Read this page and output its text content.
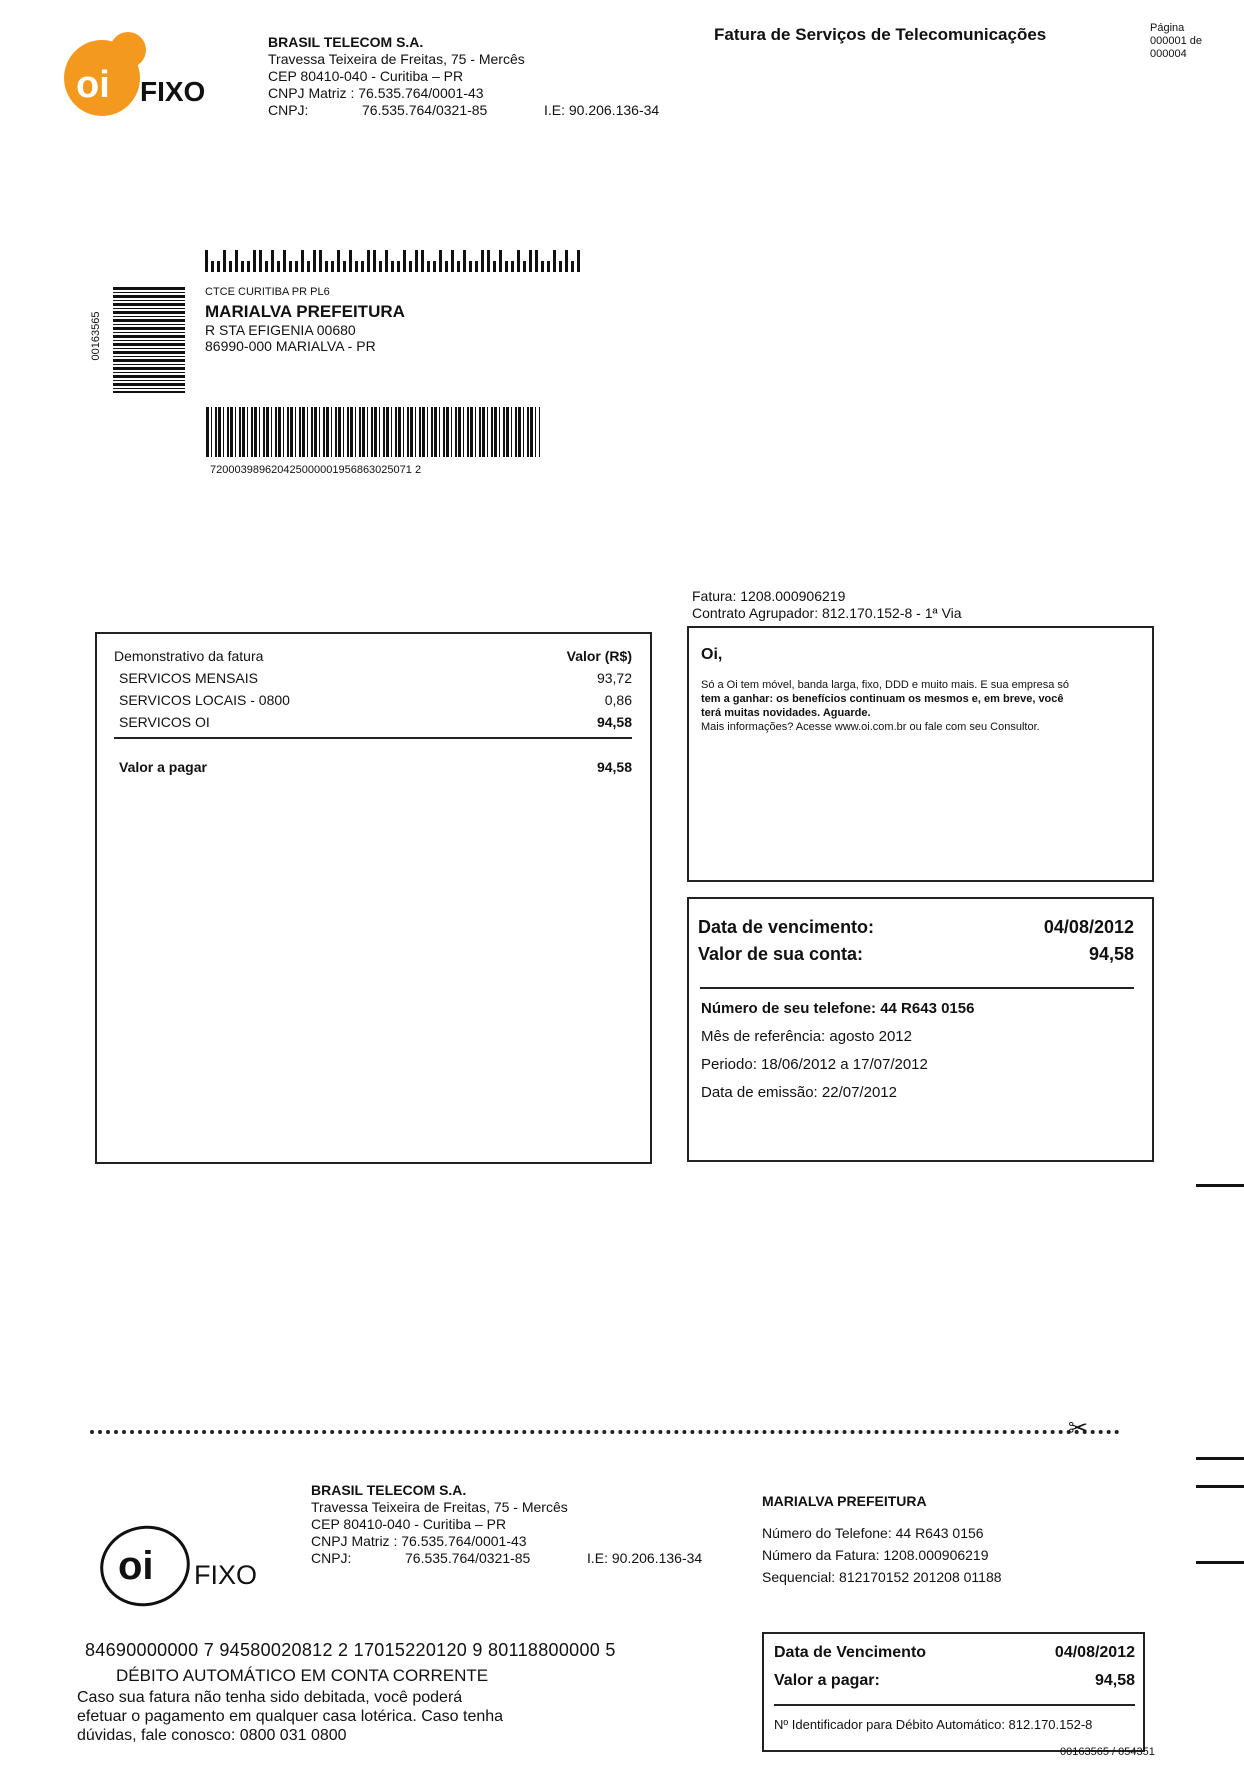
oi FIXO
BRASIL TELECOM S.A.
Travessa Teixeira de Freitas, 75 - Mercês
CEP 80410-040 - Curitiba – PR
CNPJ Matriz : 76.535.764/0001-43
CNPJ:	76.535.764/0321-85	I.E: 90.206.136-34
Fatura de Serviços de Telecomunicações	Página
000001 de
000004
00163565
CTCE CURITIBA PR PL6
MARIALVA PREFEITURA
R STA EFIGENIA 00680
86990-000 MARIALVA - PR
720003989620425000001956863025071 2
Fatura: 1208.000906219
Contrato Agrupador: 812.170.152-8 - 1ª Via
Demonstrativo da fatura	Valor (R$)
SERVICOS MENSAIS	93,72
SERVICOS LOCAIS - 0800	0,86
SERVICOS OI	94,58
Valor a pagar	94,58
Oi,
Só a Oi tem móvel, banda larga, fixo, DDD e muito mais. E sua empresa só
tem a ganhar: os benefícios continuam os mesmos e, em breve, você
terá muitas novidades. Aguarde.
Mais informações? Acesse www.oi.com.br ou fale com seu Consultor.
Data de vencimento:	04/08/2012
Valor de sua conta:	94,58
Número de seu telefone: 44 R643 0156
Mês de referência: agosto 2012
Periodo: 18/06/2012 a 17/07/2012
Data de emissão: 22/07/2012
✂
oi FIXO
BRASIL TELECOM S.A.
Travessa Teixeira de Freitas, 75 - Mercês
CEP 80410-040 - Curitiba – PR
CNPJ Matriz : 76.535.764/0001-43
CNPJ:	76.535.764/0321-85	I.E: 90.206.136-34
MARIALVA PREFEITURA
Número do Telefone: 44 R643 0156
Número da Fatura: 1208.000906219
Sequencial: 812170152 201208 01188
84690000000 7 94580020812 2 17015220120 9 80118800000 5
DÉBITO AUTOMÁTICO EM CONTA CORRENTE
Caso sua fatura não tenha sido debitada, você poderá
efetuar o pagamento em qualquer casa lotérica. Caso tenha
dúvidas, fale conosco: 0800 031 0800
Data de Vencimento	04/08/2012
Valor a pagar:	94,58
Nº Identificador para Débito Automático: 812.170.152-8
00163565 / 054351
